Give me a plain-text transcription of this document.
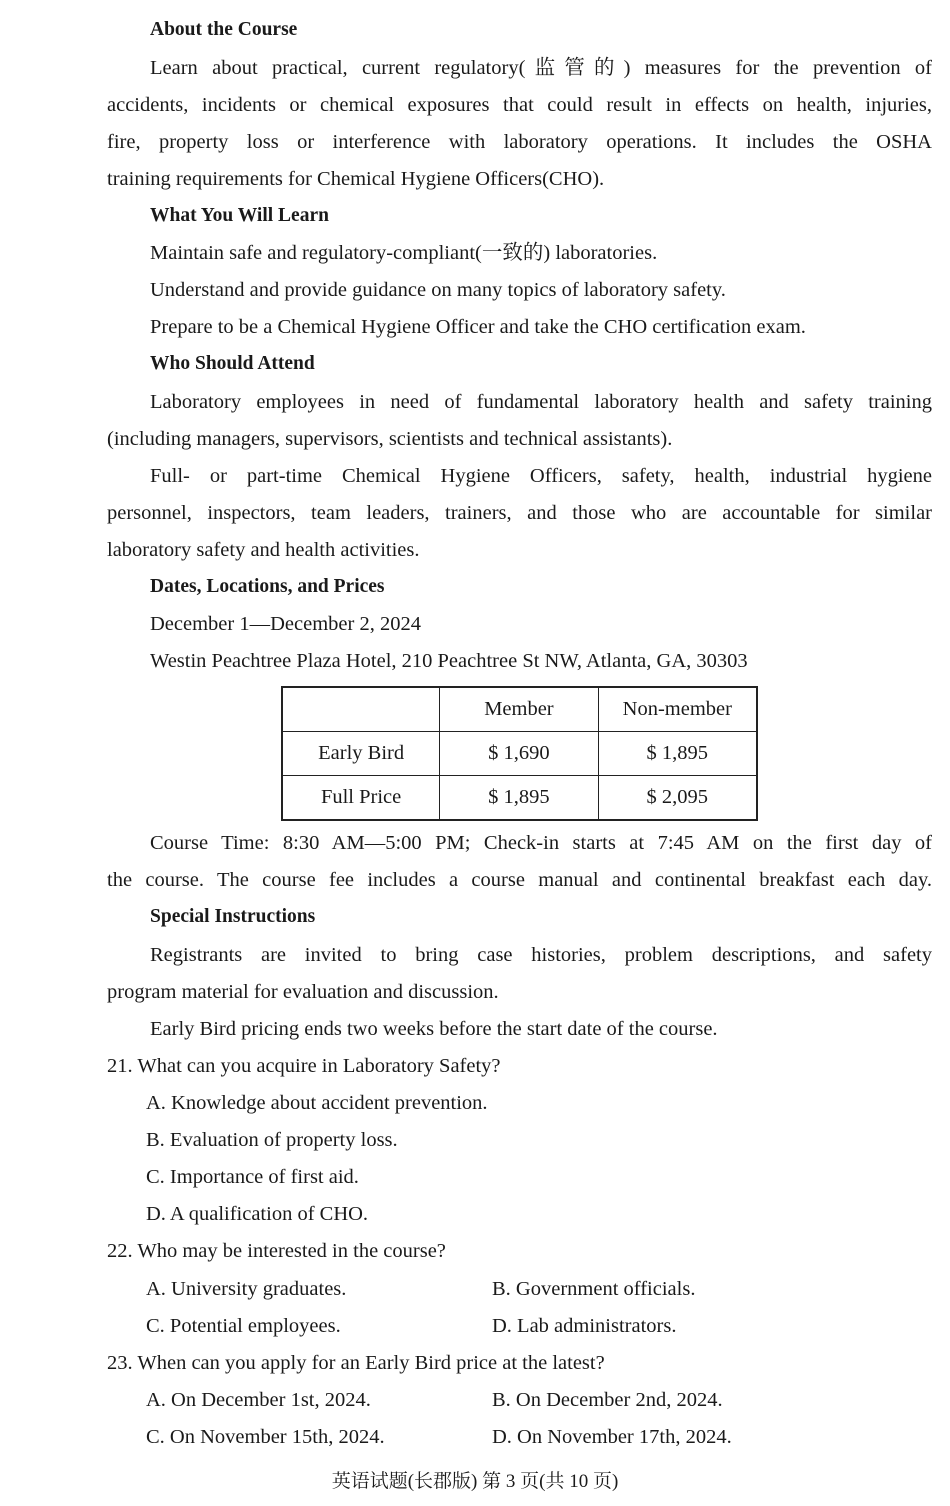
About the Course
Learn about practical, current regulatory(监管的) measures for the prevention of
accidents, incidents or chemical exposures that could result in effects on health, injuries,
fire, property loss or interference with laboratory operations. It includes the OSHA
training requirements for Chemical Hygiene Officers(CHO).
What You Will Learn
Maintain safe and regulatory-compliant(一致的) laboratories.
Understand and provide guidance on many topics of laboratory safety.
Prepare to be a Chemical Hygiene Officer and take the CHO certification exam.
Who Should Attend
Laboratory employees in need of fundamental laboratory health and safety training
(including managers, supervisors, scientists and technical assistants).
Full- or part-time Chemical Hygiene Officers, safety, health, industrial hygiene
personnel, inspectors, team leaders, trainers, and those who are accountable for similar
laboratory safety and health activities.
Dates, Locations, and Prices
December 1—December 2, 2024
Westin Peachtree Plaza Hotel, 210 Peachtree St NW, Atlanta, GA, 30303
	Member	Non-member
Early Bird	$ 1,690	$ 1,895
Full Price	$ 1,895	$ 2,095
Course Time: 8:30 AM—5:00 PM; Check-in starts at 7:45 AM on the first day of
the course. The course fee includes a course manual and continental breakfast each day.
Special Instructions
Registrants are invited to bring case histories, problem descriptions, and safety
program material for evaluation and discussion.
Early Bird pricing ends two weeks before the start date of the course.
21. What can you acquire in Laboratory Safety?
A. Knowledge about accident prevention.
B. Evaluation of property loss.
C. Importance of first aid.
D. A qualification of CHO.
22. Who may be interested in the course?
A. University graduates.	B. Government officials.
C. Potential employees.	D. Lab administrators.
23. When can you apply for an Early Bird price at the latest?
A. On December 1st, 2024.	B. On December 2nd, 2024.
C. On November 15th, 2024.	D. On November 17th, 2024.
英语试题(长郡版) 第 3 页(共 10 页)
